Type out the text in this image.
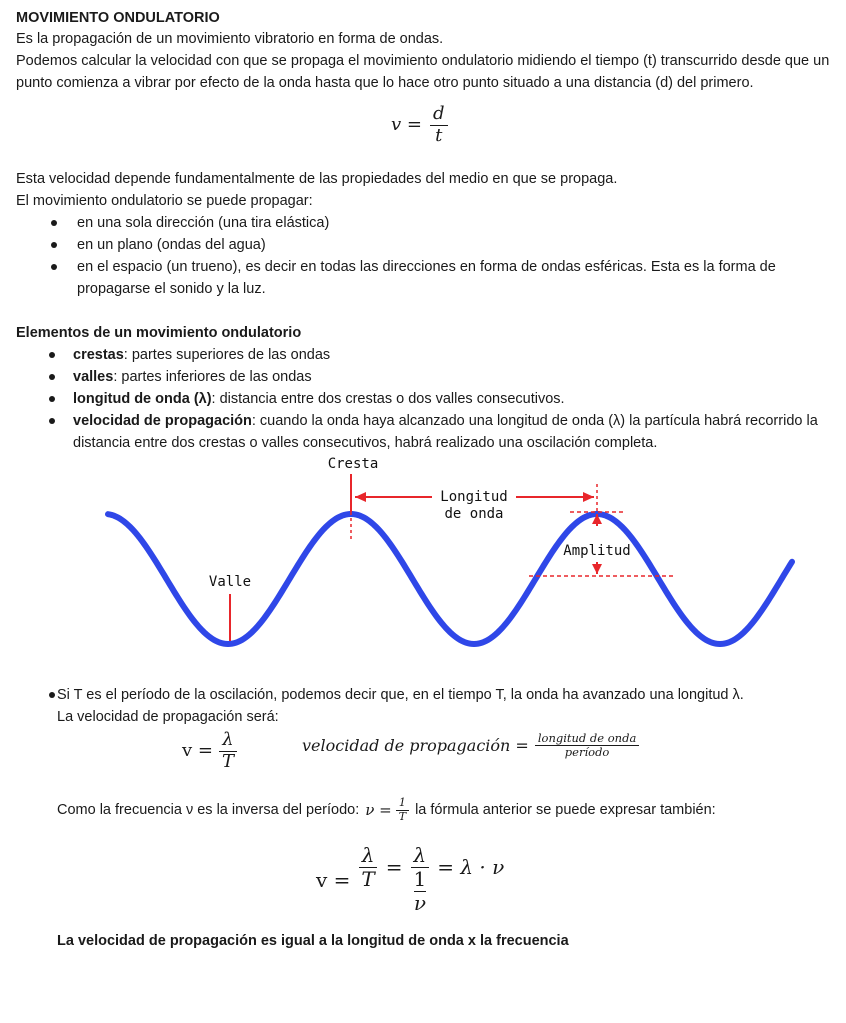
MOVIMIENTO ONDULATORIO

Es la propagación de un movimiento vibratorio en forma de ondas.

Podemos calcular la velocidad con que se propaga el movimiento ondulatorio midiendo el tiempo (t) transcurrido desde que un punto comienza a vibrar por efecto de la onda hasta que lo hace otro punto situado a una distancia (d) del primero.

$v = \frac{d}{t}$

Esta velocidad depende fundamentalmente de las propiedades del medio en que se propaga.

El movimiento ondulatorio se puede propagar:

en una sola dirección (una tira elástica)
en un plano (ondas del agua)
en el espacio (un trueno), es decir en todas las direcciones en forma de ondas esféricas. Esta es la forma de propagarse el sonido y la luz.

Elementos de un movimiento ondulatorio

crestas: partes superiores de las ondas
valles: partes inferiores de las ondas
longitud de onda (λ): distancia entre dos crestas o dos valles consecutivos.
velocidad de propagación: cuando la onda haya alcanzado una longitud de onda (λ) la partícula habrá recorrido la distancia entre dos crestas o valles consecutivos, habrá realizado una oscilación completa.
Cresta
Longitud
de onda
Amplitud
Valle
Si T es el período de la oscilación, podemos decir que, en el tiempo T, la onda ha avanzado una longitud λ.
La velocidad de propagación será:
$v = \frac{\lambda}{T}$	velocidad de propagación = $\frac{\text{longitud de onda}}{\text{período}}$
Como la frecuencia ν es la inversa del período: $\nu = \frac{1}{T}$ la fórmula anterior se puede expresar también:
$v = \frac{\lambda}{T} = \frac{\lambda}{\frac{1}{\nu}} = \lambda \cdot \nu$

La velocidad de propagación es igual a la longitud de onda x la frecuencia
